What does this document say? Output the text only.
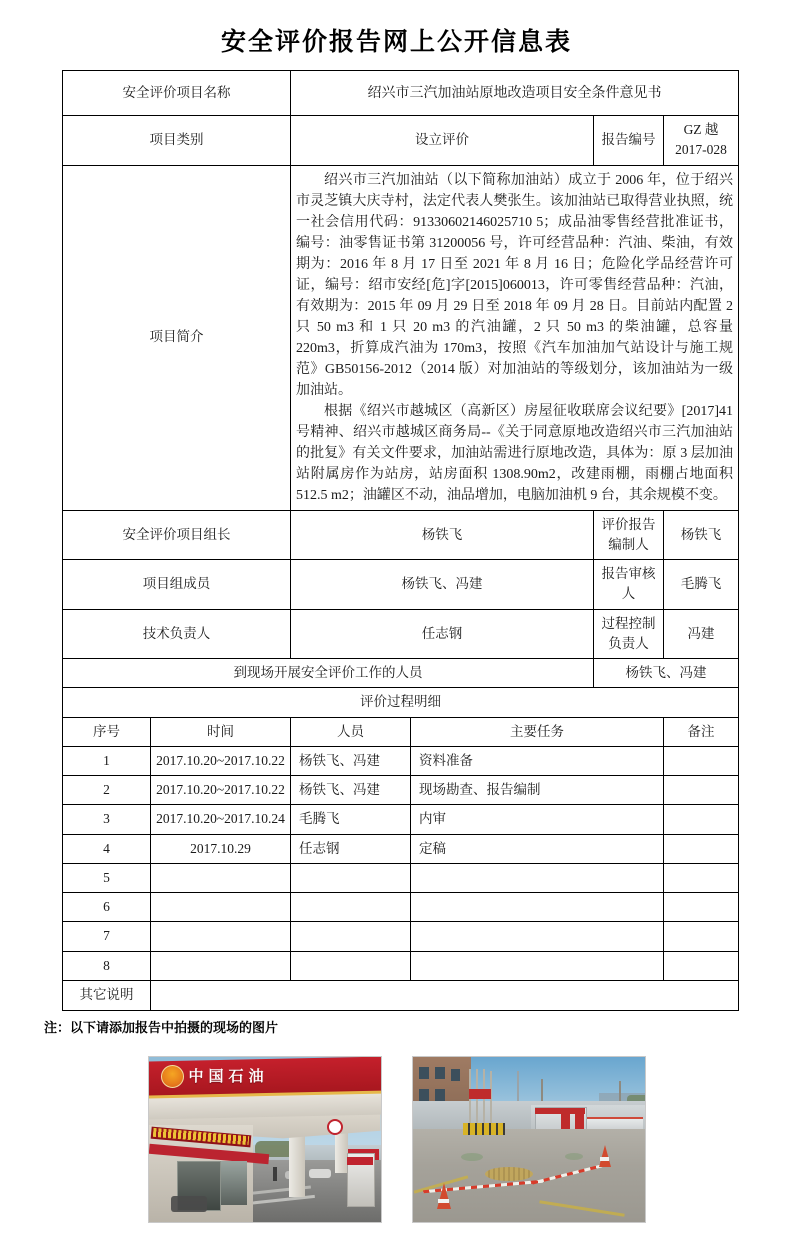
安全评价报告网上公开信息表
安全评价项目名称		绍兴市三汽加油站原地改造项目安全条件意见书			
项目类别		设立评价		报告编号	GZ 越 2017-028
项目简介		绍兴市三汽加油站（以下简称加油站）成立于 2006 年，位于绍兴市灵芝镇大庆寺村，法定代表人樊张生。该加油站已取得营业执照，统一社会信用代码：91330602146025710 5；成品油零售经营批准证书，编号：油零售证书第 31200056 号，许可经营品种：汽油、柴油，有效期为：2016 年 8 月 17 日至 2021 年 8 月 16 日；危险化学品经营许可证，编号：绍市安经[危]字[2015]060013，许可零售经营品种：汽油，有效期为：2015 年 09 月 29 日至 2018 年 09 月 28 日。目前站内配置 2 只 50 m3 和 1 只 20 m3 的汽油罐，2 只 50 m3 的柴油罐，总容量 220m3，折算成汽油为 170m3，按照《汽车加油加气站设计与施工规范》GB50156-2012（2014 版）对加油站的等级划分，该加油站为一级加油站。

根据《绍兴市越城区（高新区）房屋征收联席会议纪要》[2017]41 号精神、绍兴市越城区商务局--《关于同意原地改造绍兴市三汽加油站的批复》有关文件要求，加油站需进行原地改造，具体为：原 3 层加油站附属房作为站房，站房面积 1308.90m2，改建雨棚，雨棚占地面积 512.5 m2；油罐区不动，油品增加，电脑加油机 9 台，其余规模不变。			

安全评价项目组长		杨铁飞		评价报告编制人	杨铁飞
项目组成员		杨铁飞、冯建		报告审核人	毛腾飞
技术负责人		任志钢		过程控制负责人	冯建
到现场开展安全评价工作的人员				杨铁飞、冯建	
评价过程明细					
序号	时间	人员	主要任务		备注
1	2017.10.20~2017.10.22	杨铁飞、冯建	资料准备		
2	2017.10.20~2017.10.22	杨铁飞、冯建	现场勘查、报告编制		
3	2017.10.20~2017.10.24	毛腾飞	内审		
4	2017.10.29	任志钢	定稿		
5					
6					
7					
8					
其它说明					
注：以下请添加报告中拍摄的现场的图片
中国石油
